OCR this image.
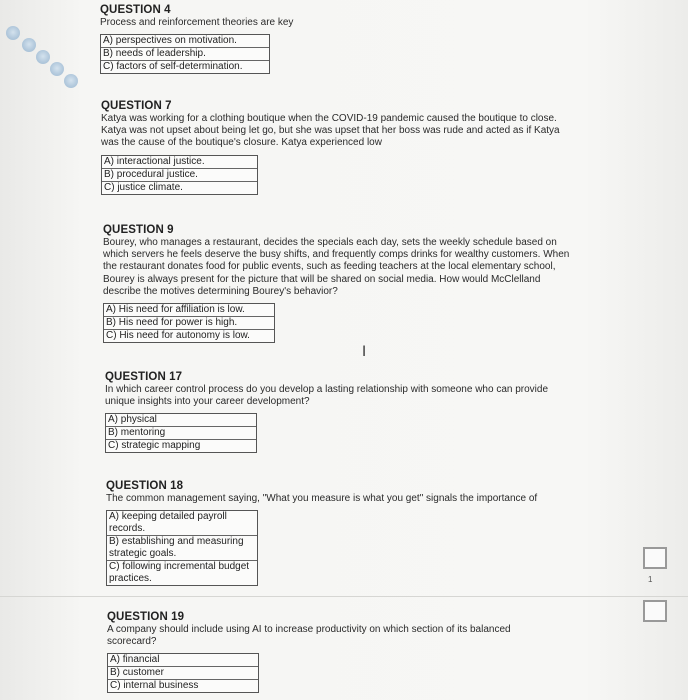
QUESTION 4
Process and reinforcement theories are key
A) perspectives on motivation.
B) needs of leadership.
C) factors of self-determination.
QUESTION 7
Katya was working for a clothing boutique when the COVID-19 pandemic caused the boutique to close. Katya was not upset about being let go, but she was upset that her boss was rude and acted as if Katya was the cause of the boutique's closure. Katya experienced low
A) interactional justice.
B) procedural justice.
C) justice climate.
QUESTION 9
Bourey, who manages a restaurant, decides the specials each day, sets the weekly schedule based on which servers he feels deserve the busy shifts, and frequently comps drinks for wealthy customers. When the restaurant donates food for public events, such as feeding teachers at the local elementary school, Bourey is always present for the picture that will be shared on social media. How would McClelland describe the motives determining Bourey's behavior?
A) His need for affiliation is low.
B) His need for power is high.
C) His need for autonomy is low.
I
QUESTION 17
In which career control process do you develop a lasting relationship with someone who can provide unique insights into your career development?
A) physical
B) mentoring
C) strategic mapping
QUESTION 18
The common management saying, "What you measure is what you get" signals the importance of
A) keeping detailed payroll records.
B) establishing and measuring strategic goals.
C) following incremental budget practices.
QUESTION 19
A company should include using AI to increase productivity on which section of its balanced scorecard?
A) financial
B) customer
C) internal business
1
